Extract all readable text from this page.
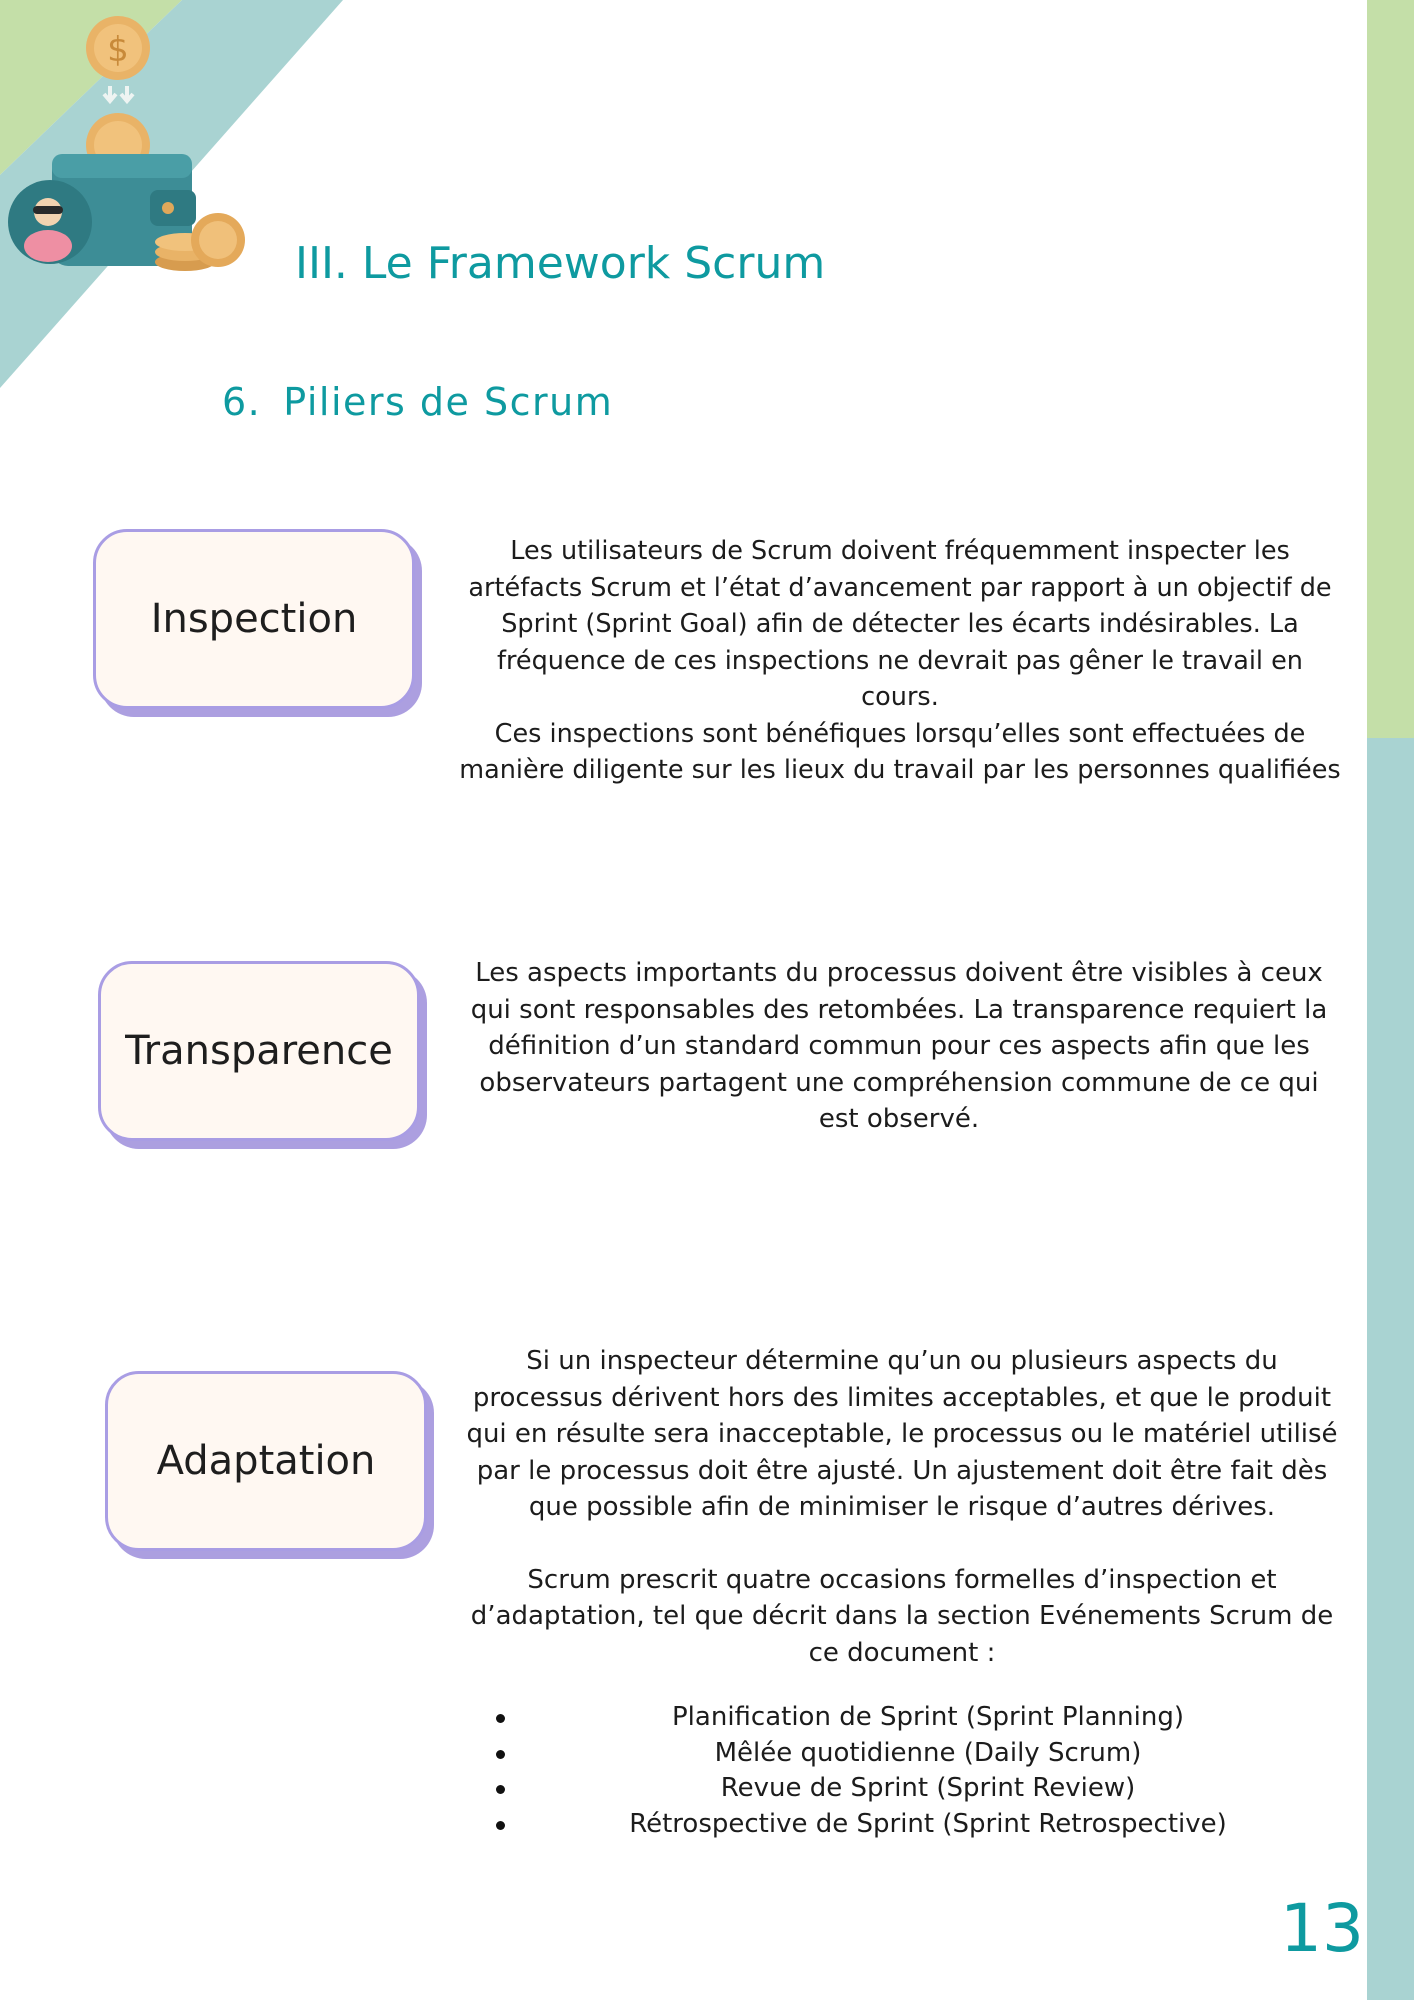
$
III. Le Framework Scrum
6. Piliers de Scrum
Inspection
Les utilisateurs de Scrum doivent fréquemment inspecter les
artéfacts Scrum et l’état d’avancement par rapport à un objectif de
Sprint (Sprint Goal) afin de détecter les écarts indésirables. La
fréquence de ces inspections ne devrait pas gêner le travail en cours.
Ces inspections sont bénéfiques lorsqu’elles sont effectuées de
manière diligente sur les lieux du travail par les personnes qualifiées
Transparence
Les aspects importants du processus doivent être visibles à ceux
qui sont responsables des retombées. La transparence requiert la
définition d’un standard commun pour ces aspects afin que les
observateurs partagent une compréhension commune de ce qui
est observé.
Adaptation
Si un inspecteur détermine qu’un ou plusieurs aspects du
processus dérivent hors des limites acceptables, et que le produit
qui en résulte sera inacceptable, le processus ou le matériel utilisé
par le processus doit être ajusté. Un ajustement doit être fait dès
que possible afin de minimiser le risque d’autres dérives.
Scrum prescrit quatre occasions formelles d’inspection et
d’adaptation, tel que décrit dans la section Evénements Scrum de
ce document :
Planification de Sprint (Sprint Planning)
Mêlée quotidienne (Daily Scrum)
Revue de Sprint (Sprint Review)
Rétrospective de Sprint (Sprint Retrospective)
13
